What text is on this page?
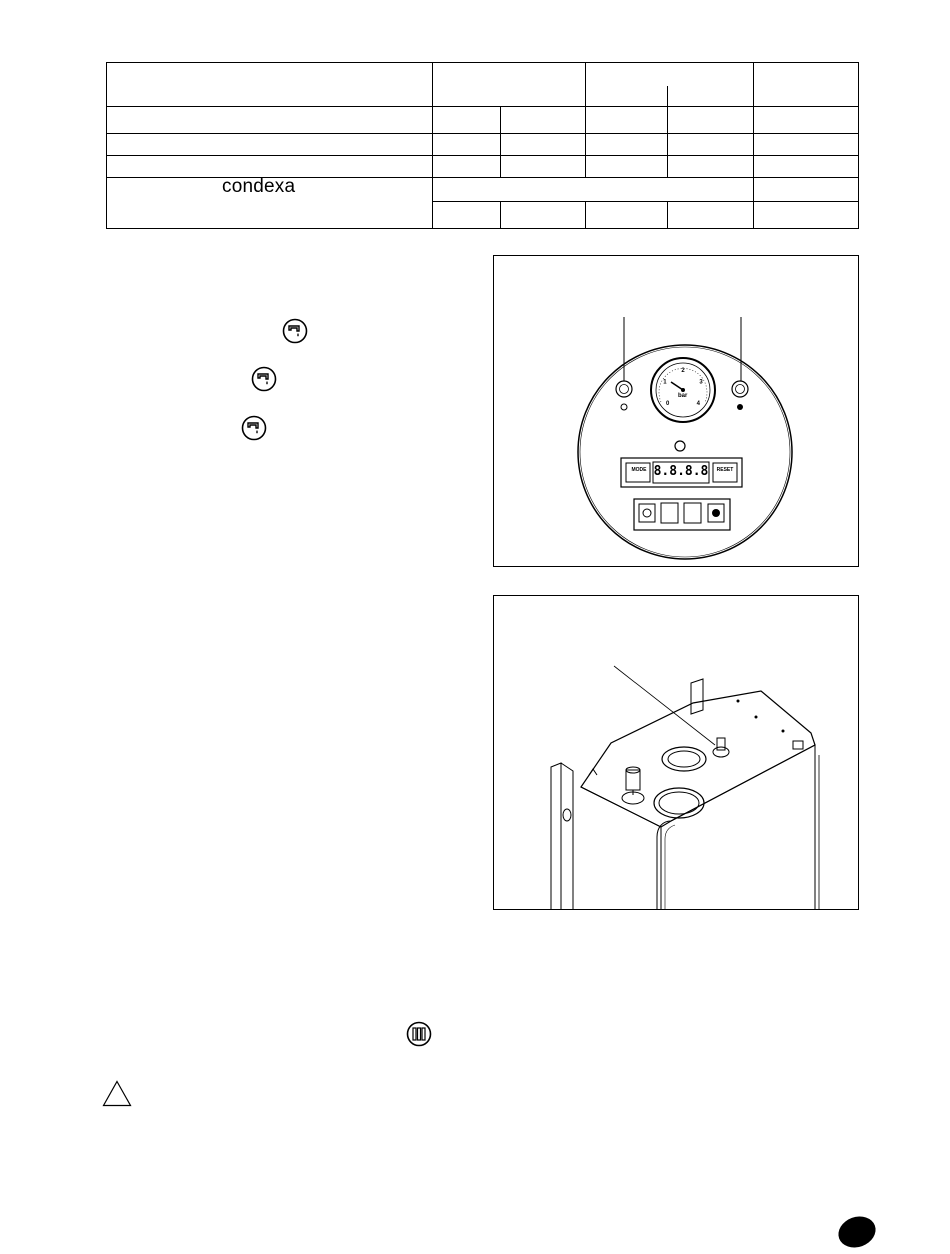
condexa
0
1
2
3
4
bar
MODE 8.8.8.8	RESET
